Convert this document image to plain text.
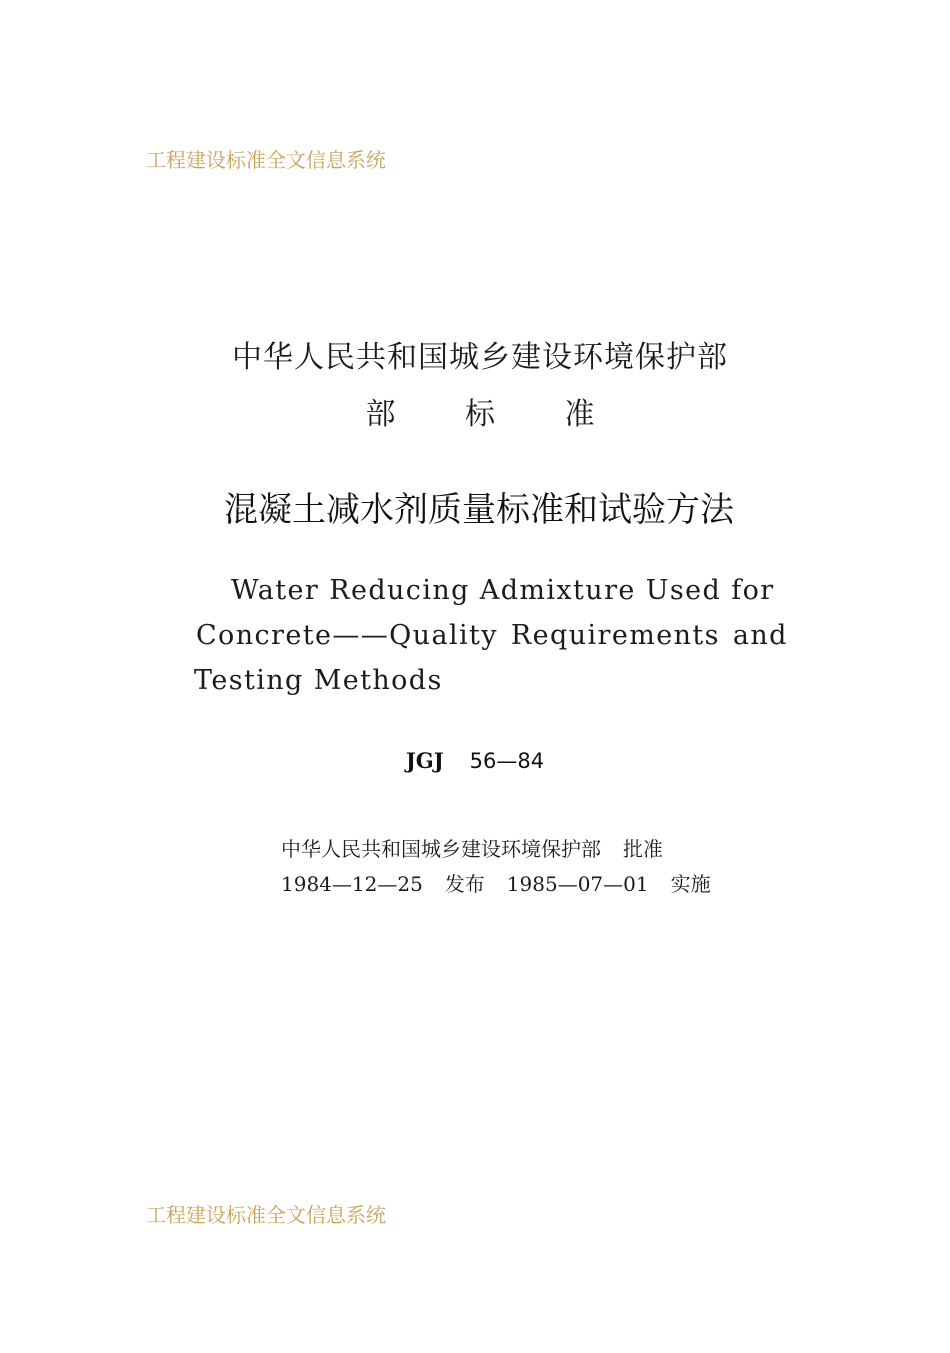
工程建设标准全文信息系统
中华人民共和国城乡建设环境保护部
部 标 准
混凝土减水剂质量标准和试验方法
Water Reducing Admixture Used for
Concrete——Quality Requirements and
Testing Methods
JGJ 56—84
中华人民共和国城乡建设环境保护部 批准
1984—12—25 发布 1985—07—01 实施
工程建设标准全文信息系统
